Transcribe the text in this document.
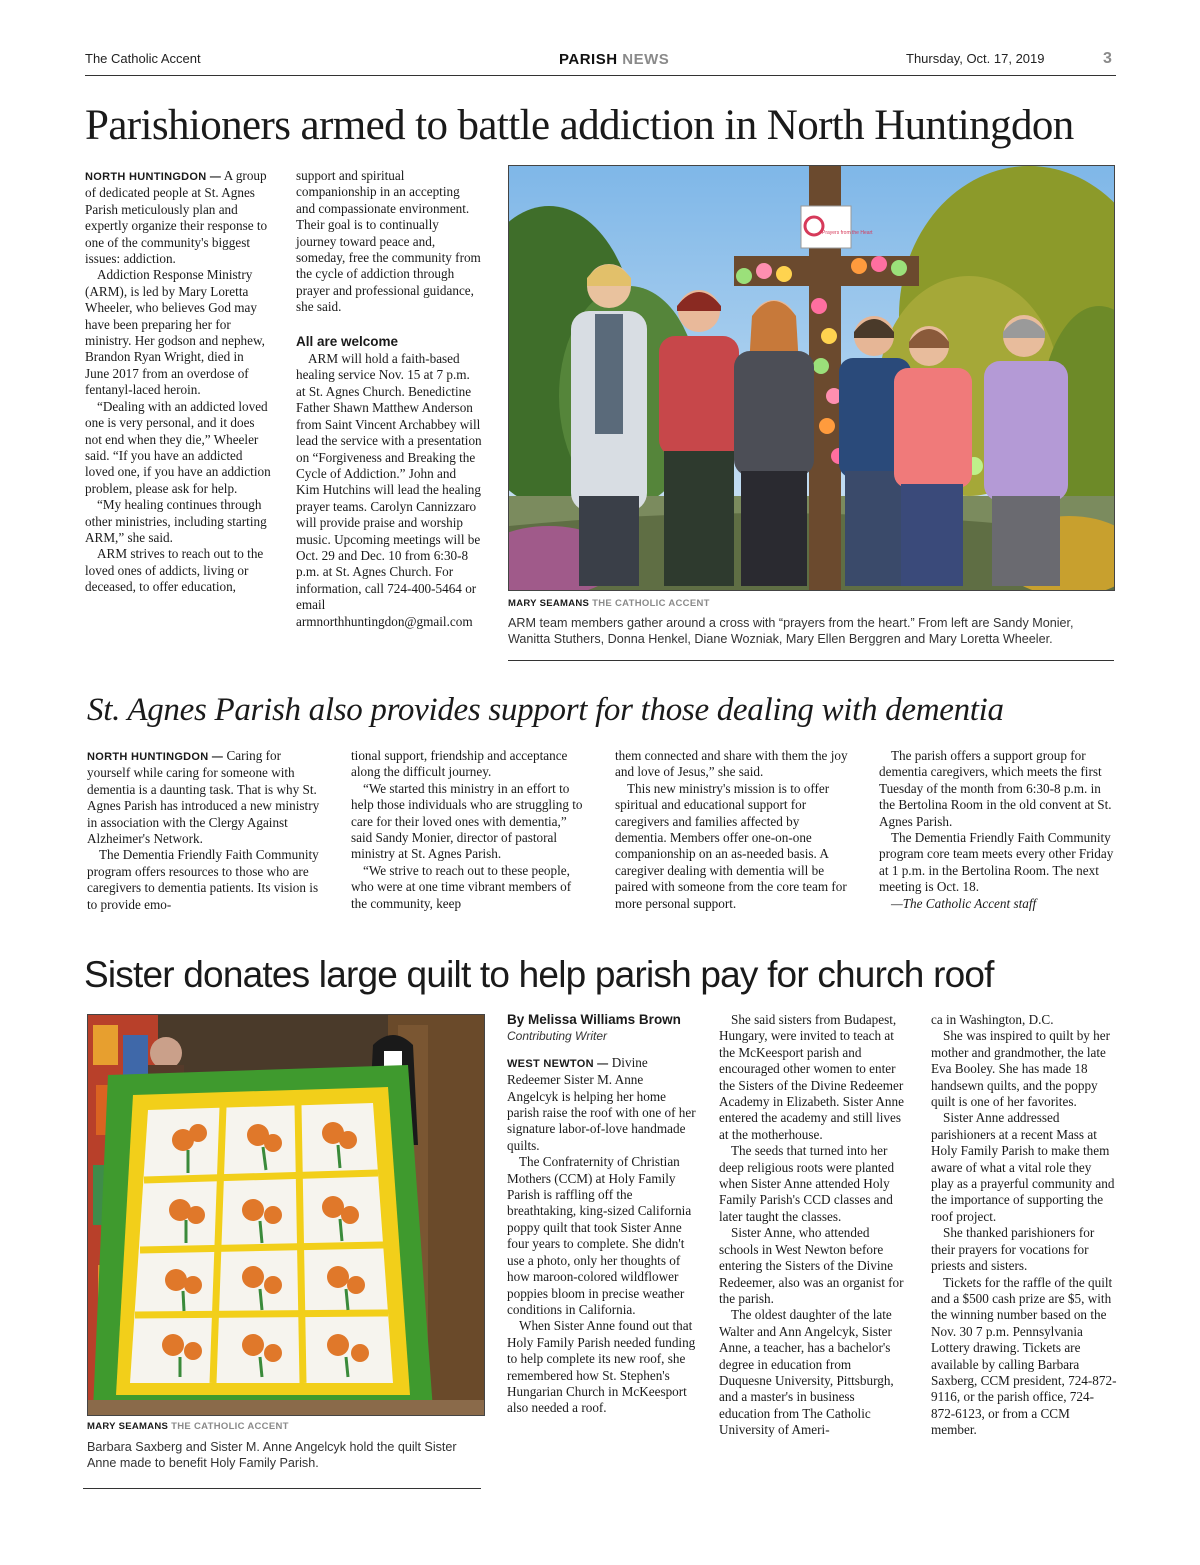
The Catholic Accent	PARISH NEWS	Thursday, Oct. 17, 2019	3
Parishioners armed to battle addiction in North Huntingdon

NORTH HUNTINGDON — A group of dedicated people at St. Agnes Parish meticulously plan and expertly organize their response to one of the community's biggest issues: addiction.

Addiction Response Ministry (ARM), is led by Mary Loretta Wheeler, who believes God may have been preparing her for ministry. Her godson and nephew, Brandon Ryan Wright, died in June 2017 from an overdose of fentanyl-laced heroin.

“Dealing with an addicted loved one is very personal, and it does not end when they die,” Wheeler said. “If you have an addicted loved one, if you have an addiction problem, please ask for help.

“My healing continues through other ministries, including starting ARM,” she said.

ARM strives to reach out to the loved ones of addicts, living or deceased, to offer education,

support and spiritual companionship in an accepting and compassionate environment. Their goal is to continually journey toward peace and, someday, free the community from the cycle of addiction through prayer and professional guidance, she said.

All are welcome

ARM will hold a faith-based healing service Nov. 15 at 7 p.m. at St. Agnes Church. Benedictine Father Shawn Matthew Anderson from Saint Vincent Archabbey will lead the service with a presentation on “Forgiveness and Breaking the Cycle of Addiction.” John and Kim Hutchins will lead the healing prayer teams. Carolyn Cannizzaro will provide praise and worship music. Upcoming meetings will be Oct. 29 and Dec. 10 from 6:30-8 p.m. at St. Agnes Church. For information, call 724-400-5464 or email armnorthhuntingdon@gmail.com

Prayers from the Heart
MARY SEAMANS THE CATHOLIC ACCENT
ARM team members gather around a cross with “prayers from the heart.” From left are Sandy Monier, Wanitta Stuthers, Donna Henkel, Diane Wozniak, Mary Ellen Berggren and Mary Loretta Wheeler.
St. Agnes Parish also provides support for those dealing with dementia

NORTH HUNTINGDON — Caring for yourself while caring for someone with dementia is a daunting task. That is why St. Agnes Parish has introduced a new ministry in association with the Clergy Against Alzheimer's Network.

The Dementia Friendly Faith Community program offers resources to those who are caregivers to dementia patients. Its vision is to provide emo-

tional support, friendship and acceptance along the difficult journey.

“We started this ministry in an effort to help those individuals who are struggling to care for their loved ones with dementia,” said Sandy Monier, director of pastoral ministry at St. Agnes Parish.

“We strive to reach out to these people, who were at one time vibrant members of the community, keep

them connected and share with them the joy and love of Jesus,” she said.

This new ministry's mission is to offer spiritual and educational support for caregivers and families affected by dementia. Members offer one-on-one companionship on an as-needed basis. A caregiver dealing with dementia will be paired with someone from the core team for more personal support.

The parish offers a support group for dementia caregivers, which meets the first Tuesday of the month from 6:30-8 p.m. in the Bertolina Room in the old convent at St. Agnes Parish.

The Dementia Friendly Faith Community program core team meets every other Friday at 1 p.m. in the Bertolina Room. The next meeting is Oct. 18.

—The Catholic Accent staff

Sister donates large quilt to help parish pay for church roof
MARY SEAMANS THE CATHOLIC ACCENT
Barbara Saxberg and Sister M. Anne Angelcyk hold the quilt Sister Anne made to benefit Holy Family Parish.
By Melissa Williams Brown
Contributing Writer

WEST NEWTON — Divine Redeemer Sister M. Anne Angelcyk is helping her home parish raise the roof with one of her signature labor-of-love handmade quilts.

The Confraternity of Christian Mothers (CCM) at Holy Family Parish is raffling off the breathtaking, king-sized California poppy quilt that took Sister Anne four years to complete. She didn't use a photo, only her thoughts of how maroon-colored wildflower poppies bloom in precise weather conditions in California.

When Sister Anne found out that Holy Family Parish needed funding to help complete its new roof, she remembered how St. Stephen's Hungarian Church in McKeesport also needed a roof.

She said sisters from Budapest, Hungary, were invited to teach at the McKeesport parish and encouraged other women to enter the Sisters of the Divine Redeemer Academy in Elizabeth. Sister Anne entered the academy and still lives at the motherhouse.

The seeds that turned into her deep religious roots were planted when Sister Anne attended Holy Family Parish's CCD classes and later taught the classes.

Sister Anne, who attended schools in West Newton before entering the Sisters of the Divine Redeemer, also was an organist for the parish.

The oldest daughter of the late Walter and Ann Angelcyk, Sister Anne, a teacher, has a bachelor's degree in education from Duquesne University, Pittsburgh, and a master's in business education from The Catholic University of Ameri-

ca in Washington, D.C.

She was inspired to quilt by her mother and grandmother, the late Eva Booley. She has made 18 handsewn quilts, and the poppy quilt is one of her favorites.

Sister Anne addressed parishioners at a recent Mass at Holy Family Parish to make them aware of what a vital role they play as a prayerful community and the importance of supporting the roof project.

She thanked parishioners for their prayers for vocations for priests and sisters.

Tickets for the raffle of the quilt and a $500 cash prize are $5, with the winning number based on the Nov. 30 7 p.m. Pennsylvania Lottery drawing. Tickets are available by calling Barbara Saxberg, CCM president, 724-872-9116, or the parish office, 724-872-6123, or from a CCM member.
